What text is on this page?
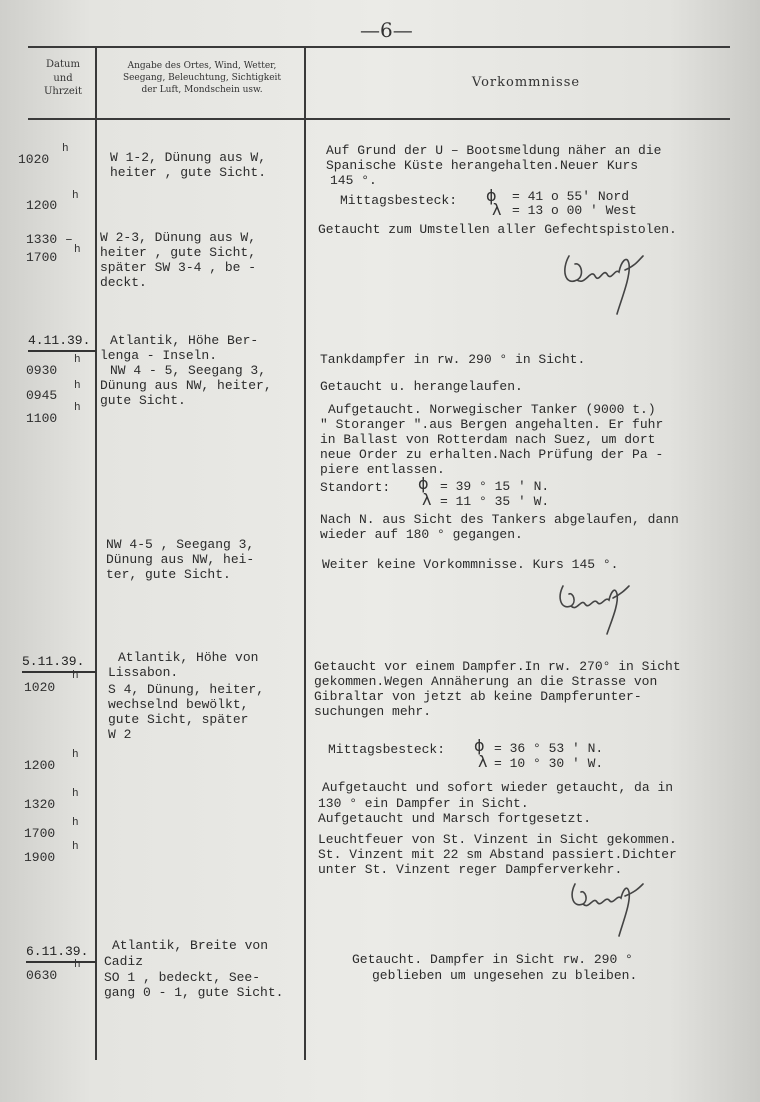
—6—
Datum
und
Uhrzeit
Angabe des Ortes, Wind, Wetter,
Seegang, Beleuchtung, Sichtigkeit
der Luft, Mondschein usw.
Vorkommnisse
1020
h
1200
h
1330 –
1700 h
W 1-2, Dünung aus W,
heiter , gute Sicht.
W 2-3, Dünung aus W,
heiter , gute Sicht,
später SW 3-4 , be -
deckt.
Auf Grund der U – Bootsmeldung näher an die
Spanische Küste herangehalten.Neuer Kurs
145 °.
Mittagsbesteck: ϕ = 41 o 55' Nord
λ = 13 o 00 ' West
Getaucht zum Umstellen aller Gefechtspistolen.
4.11.39.
0930
h
0945
h
1100
h
Atlantik, Höhe Ber-
lenga - Inseln.
NW 4 - 5, Seegang 3,
Dünung aus NW, heiter,
gute Sicht.
NW 4-5 , Seegang 3,
Dünung aus NW, hei-
ter, gute Sicht.
Tankdampfer in rw. 290 ° in Sicht.
Getaucht u. herangelaufen.
Aufgetaucht. Norwegischer Tanker (9000 t.)
" Storanger ".aus Bergen angehalten. Er fuhr
in Ballast von Rotterdam nach Suez, um dort
neue Order zu erhalten.Nach Prüfung der Pa -
piere entlassen.
Standort: ϕ = 39 ° 15 ' N.
λ = 11 ° 35 ' W.
Nach N. aus Sicht des Tankers abgelaufen, dann
wieder auf 180 ° gegangen.
Weiter keine Vorkommnisse. Kurs 145 °.
5.11.39.
1020
h
1200
h
1320
h
1700
h
1900
h
Atlantik, Höhe von
Lissabon.
S 4, Dünung, heiter,
wechselnd bewölkt,
gute Sicht, später
W 2
Getaucht vor einem Dampfer.In rw. 270° in Sicht
gekommen.Wegen Annäherung an die Strasse von
Gibraltar von jetzt ab keine Dampferunter-
suchungen mehr.
Mittagsbesteck: ϕ = 36 ° 53 ' N.
λ = 10 ° 30 ' W.
Aufgetaucht und sofort wieder getaucht, da in
130 ° ein Dampfer in Sicht.
Aufgetaucht und Marsch fortgesetzt.
Leuchtfeuer von St. Vinzent in Sicht gekommen.
St. Vinzent mit 22 sm Abstand passiert.Dichter
unter St. Vinzent reger Dampferverkehr.
6.11.39.
0630
h
Atlantik, Breite von
Cadiz
SO 1 , bedeckt, See-
gang 0 - 1, gute Sicht.
Getaucht. Dampfer in Sicht rw. 290 °
geblieben um ungesehen zu bleiben.
